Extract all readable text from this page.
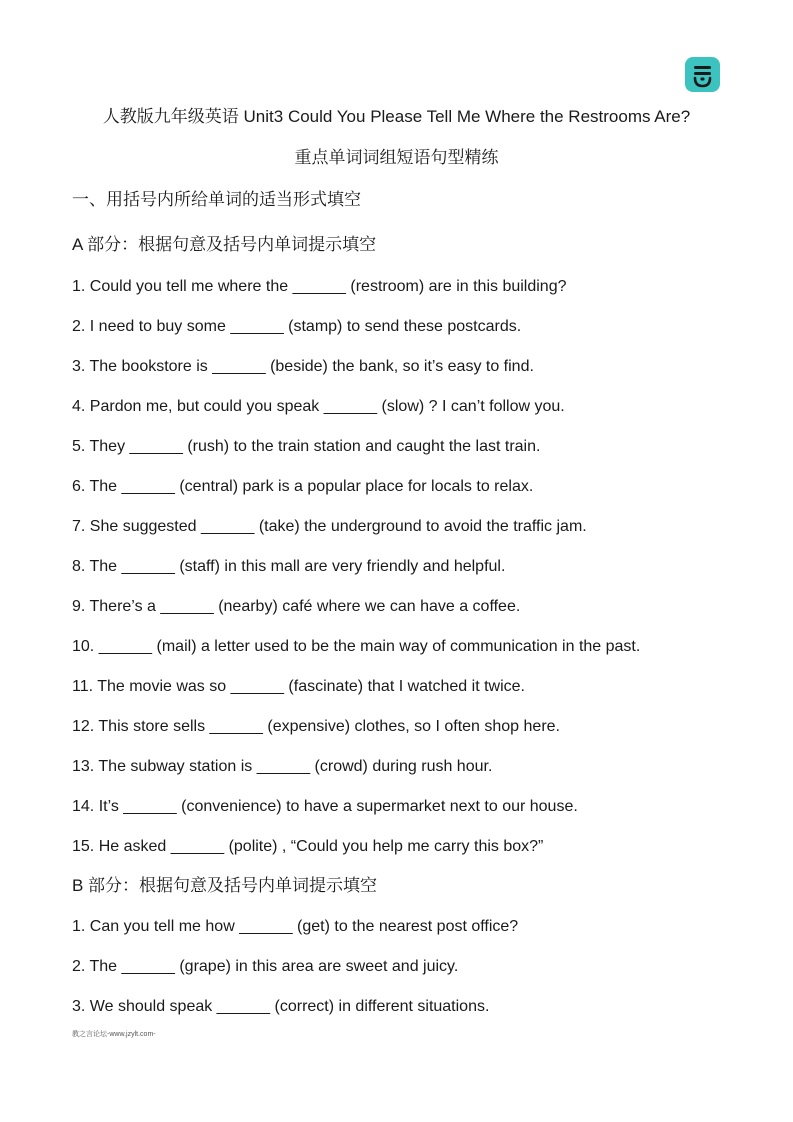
人教版九年级英语 Unit3 Could You Please Tell Me Where the Restrooms Are?
重点单词词组短语句型精练
一、用括号内所给单词的适当形式填空
A 部分：根据句意及括号内单词提示填空
1. Could you tell me where the ______ (restroom) are in this building?
2. I need to buy some ______ (stamp) to send these postcards.
3. The bookstore is ______ (beside) the bank, so it’s easy to find.
4. Pardon me, but could you speak ______ (slow) ? I can’t follow you.
5. They ______ (rush) to the train station and caught the last train.
6. The ______ (central) park is a popular place for locals to relax.
7. She suggested ______ (take) the underground to avoid the traffic jam.
8. The ______ (staff) in this mall are very friendly and helpful.
9. There’s a ______ (nearby) café where we can have a coffee.
10. ______ (mail) a letter used to be the main way of communication in the past.
11. The movie was so ______ (fascinate) that I watched it twice.
12. This store sells ______ (expensive) clothes, so I often shop here.
13. The subway station is ______ (crowd) during rush hour.
14. It’s ______ (convenience) to have a supermarket next to our house.
15. He asked ______ (polite) , “Could you help me carry this box?”
B 部分：根据句意及括号内单词提示填空
1. Can you tell me how ______ (get) to the nearest post office?
2. The ______ (grape) in this area are sweet and juicy.
3. We should speak ______ (correct) in different situations.
教之言论坛-www.jzylt.com-
